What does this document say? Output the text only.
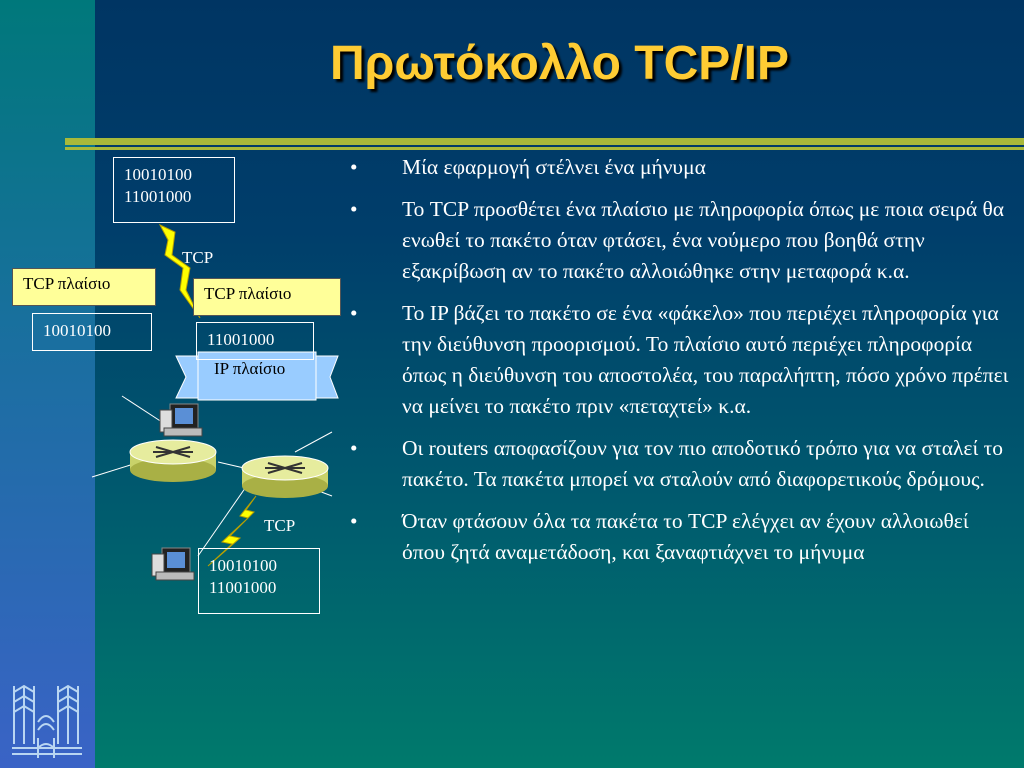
Πρωτόκολλο TCP/IP
10010100
11001000
TCP
TCP πλαίσιο
TCP πλαίσιο
10010100	11001000
IP πλαίσιο
TCP
10010100
11001000
• Μία εφαρμογή στέλνει ένα μήνυμα
• Το TCP προσθέτει ένα πλαίσιο με πληροφορία όπως με ποια σειρά θα ενωθεί το πακέτο όταν φτάσει, ένα νούμερο που βοηθά στην εξακρίβωση αν το πακέτο αλλοιώθηκε στην μεταφορά κ.α.
• Το IP βάζει το πακέτο σε ένα «φάκελο» που περιέχει πληροφορία για την διεύθυνση προορισμού. Το πλαίσιο αυτό περιέχει πληροφορία όπως η διεύθυνση του αποστολέα, του παραλήπτη, πόσο χρόνο πρέπει να μείνει το πακέτο πριν «πεταχτεί» κ.α.
• Οι routers αποφασίζουν για τον πιο αποδοτικό τρόπο για να σταλεί το πακέτο. Τα πακέτα μπορεί να σταλούν από διαφορετικούς δρόμους.
• Όταν φτάσουν όλα τα πακέτα το TCP ελέγχει αν έχουν αλλοιωθεί όπου ζητά αναμετάδοση, και ξαναφτιάχνει το μήνυμα
